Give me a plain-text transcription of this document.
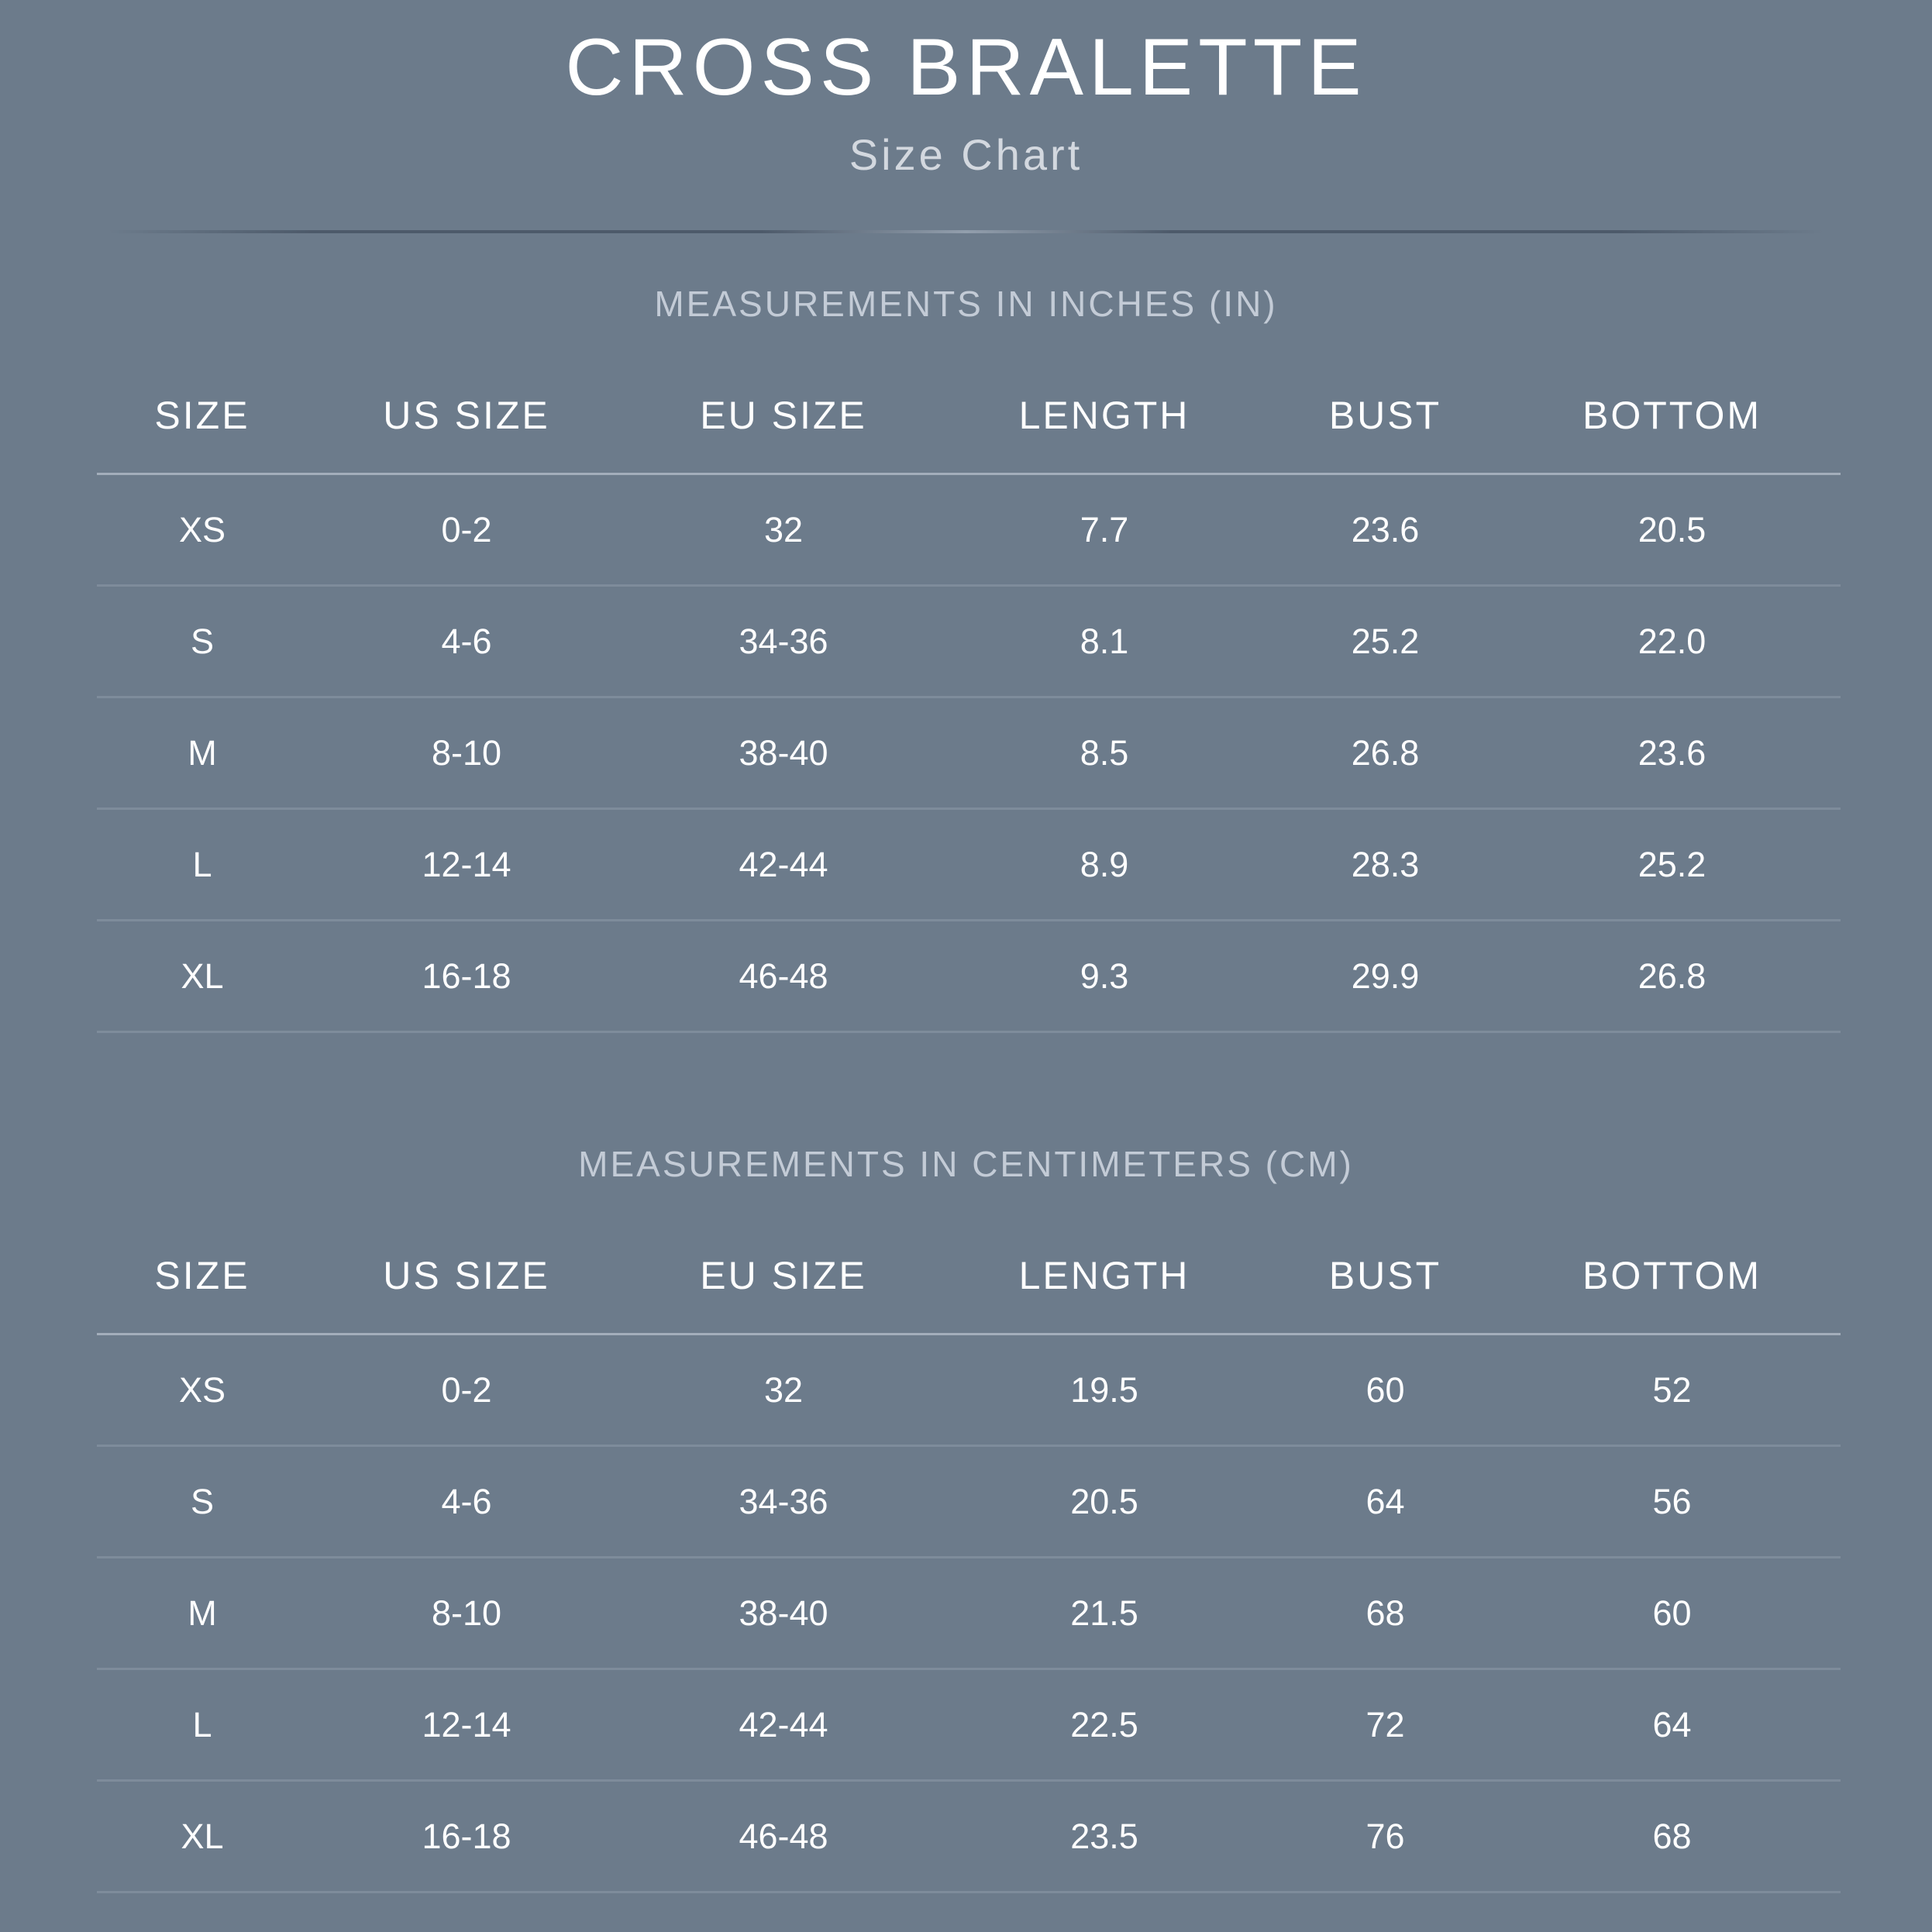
CROSS BRALETTE
Size Chart
MEASUREMENTS IN INCHES (IN)
SIZE	US SIZE	EU SIZE	LENGTH	BUST	BOTTOM
XS	0-2	32	7.7	23.6	20.5
S	4-6	34-36	8.1	25.2	22.0
M	8-10	38-40	8.5	26.8	23.6
L	12-14	42-44	8.9	28.3	25.2
XL	16-18	46-48	9.3	29.9	26.8
MEASUREMENTS IN CENTIMETERS (CM)
SIZE	US SIZE	EU SIZE	LENGTH	BUST	BOTTOM
XS	0-2	32	19.5	60	52
S	4-6	34-36	20.5	64	56
M	8-10	38-40	21.5	68	60
L	12-14	42-44	22.5	72	64
XL	16-18	46-48	23.5	76	68
